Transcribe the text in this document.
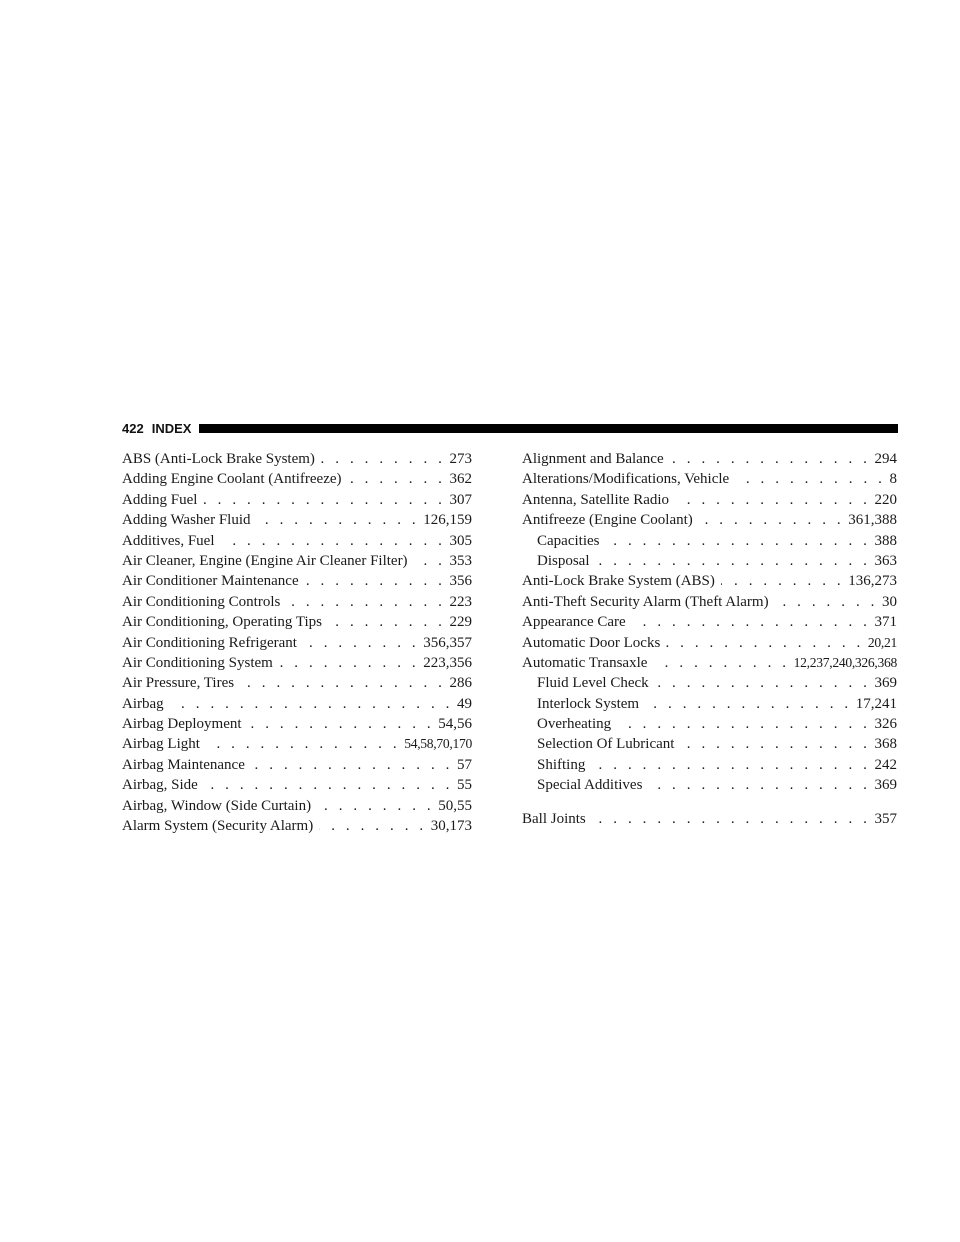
422 INDEX
ABS (Anti-Lock Brake System) . . .	273
Adding Engine Coolant (Antifreeze) . . .	362
Adding Fuel . . .	307
Adding Washer Fluid . . .	126,159
Additives, Fuel . . .	305
Air Cleaner, Engine (Engine Air Cleaner Filter) . . .	353
Air Conditioner Maintenance . . .	356
Air Conditioning Controls . . .	223
Air Conditioning, Operating Tips . . .	229
Air Conditioning Refrigerant . . .	356,357
Air Conditioning System . . .	223,356
Air Pressure, Tires . . .	286
Airbag . . .	49
Airbag Deployment . . .	54,56
Airbag Light . . .	54,58,70,170
Airbag Maintenance . . .	57
Airbag, Side . . .	55
Airbag, Window (Side Curtain) . . .	50,55
Alarm System (Security Alarm) . . .	30,173
Alignment and Balance . . .	294
Alterations/Modifications, Vehicle . . .	8
Antenna, Satellite Radio . . .	220
Antifreeze (Engine Coolant) . . .	361,388
Capacities . . .	388
Disposal . . .	363
Anti-Lock Brake System (ABS) . . .	136,273
Anti-Theft Security Alarm (Theft Alarm) . . .	30
Appearance Care . . .	371
Automatic Door Locks . . .	20,21
Automatic Transaxle . . .	12,237,240,326,368
Fluid Level Check . . .	369
Interlock System . . .	17,241
Overheating . . .	326
Selection Of Lubricant . . .	368
Shifting . . .	242
Special Additives . . .	369
Ball Joints . . .	357
